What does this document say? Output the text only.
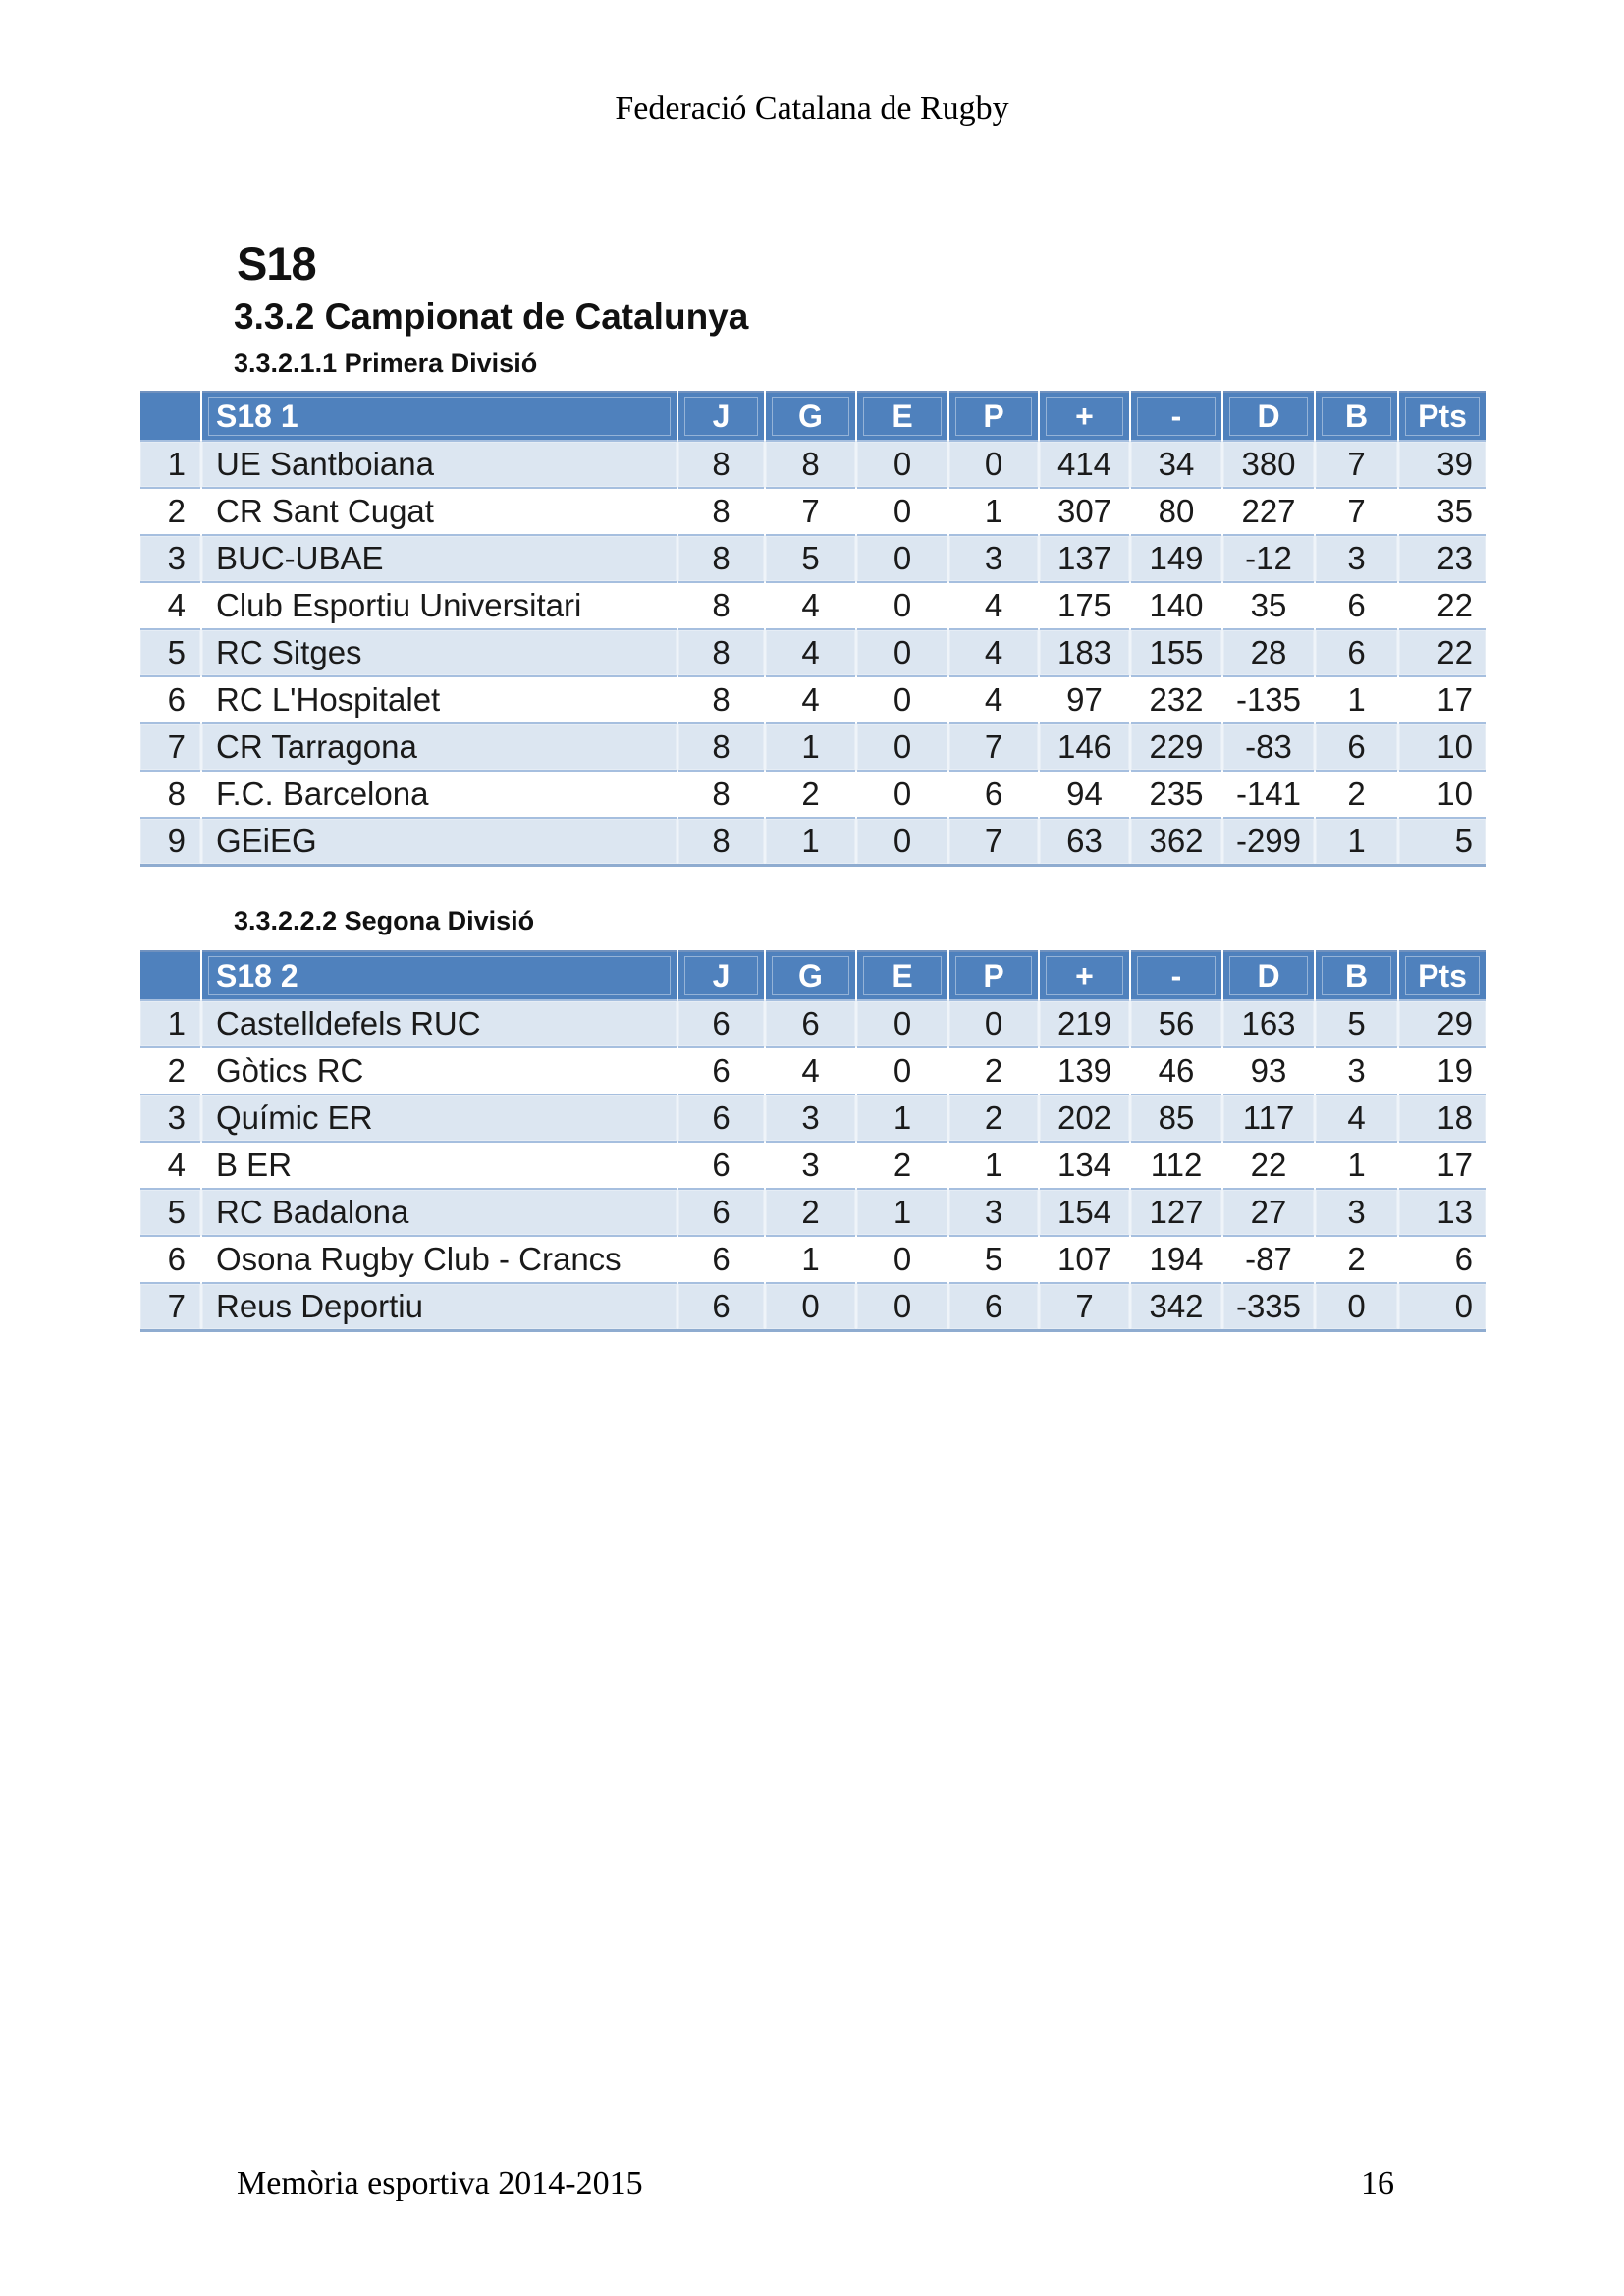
Federació Catalana de Rugby
S18
3.3.2 Campionat de Catalunya
3.3.2.1.1 Primera Divisió
	S18 1	J	G	E	P	+	-	D	B	Pts
1	UE Santboiana	8	8	0	0	414	34	380	7	39
2	CR Sant Cugat	8	7	0	1	307	80	227	7	35
3	BUC-UBAE	8	5	0	3	137	149	-12	3	23
4	Club Esportiu Universitari	8	4	0	4	175	140	35	6	22
5	RC Sitges	8	4	0	4	183	155	28	6	22
6	RC L'Hospitalet	8	4	0	4	97	232	-135	1	17
7	CR Tarragona	8	1	0	7	146	229	-83	6	10
8	F.C. Barcelona	8	2	0	6	94	235	-141	2	10
9	GEiEG	8	1	0	7	63	362	-299	1	5
3.3.2.2.2 Segona Divisió
	S18 2	J	G	E	P	+	-	D	B	Pts
1	Castelldefels RUC	6	6	0	0	219	56	163	5	29
2	Gòtics RC	6	4	0	2	139	46	93	3	19
3	Químic ER	6	3	1	2	202	85	117	4	18
4	B ER	6	3	2	1	134	112	22	1	17
5	RC Badalona	6	2	1	3	154	127	27	3	13
6	Osona Rugby Club - Crancs	6	1	0	5	107	194	-87	2	6
7	Reus Deportiu	6	0	0	6	7	342	-335	0	0
Memòria esportiva 2014-2015	16
